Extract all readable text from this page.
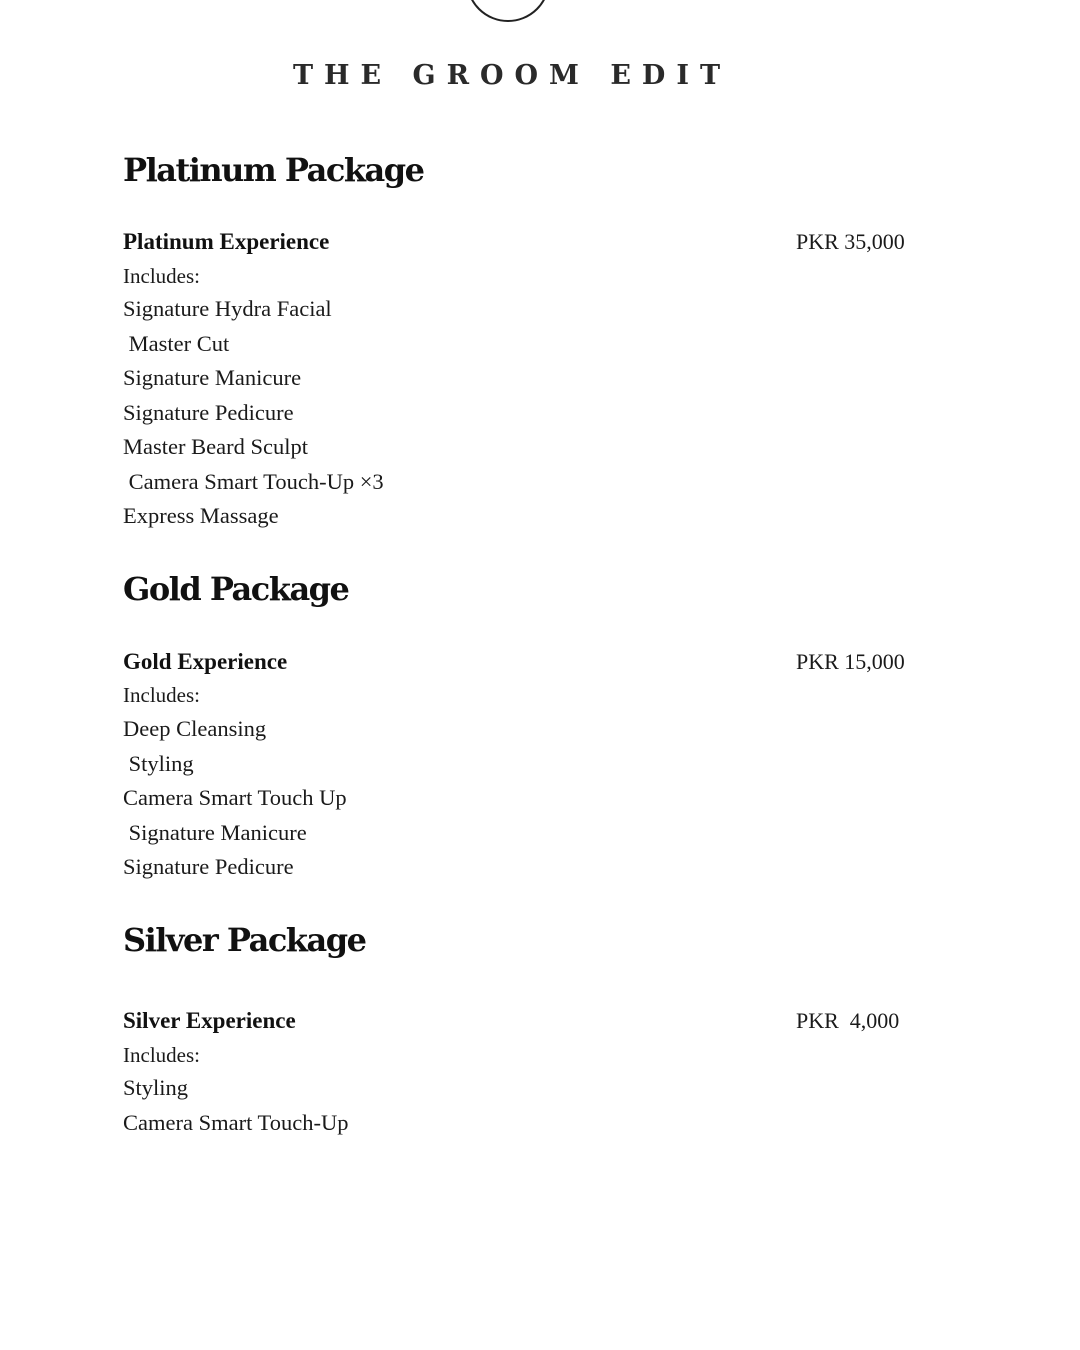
THE GROOM EDIT
Platinum Package
Platinum Experience	PKR 35,000
Includes:
Signature Hydra Facial
Master Cut
Signature Manicure
Signature Pedicure
Master Beard Sculpt
Camera Smart Touch-Up ×3
Express Massage
Gold Package
Gold Experience	PKR 15,000
Includes:
Deep Cleansing
Styling
Camera Smart Touch Up
Signature Manicure
Signature Pedicure
Silver Package
Silver Experience	PKR  4,000
Includes:
Styling
Camera Smart Touch-Up
